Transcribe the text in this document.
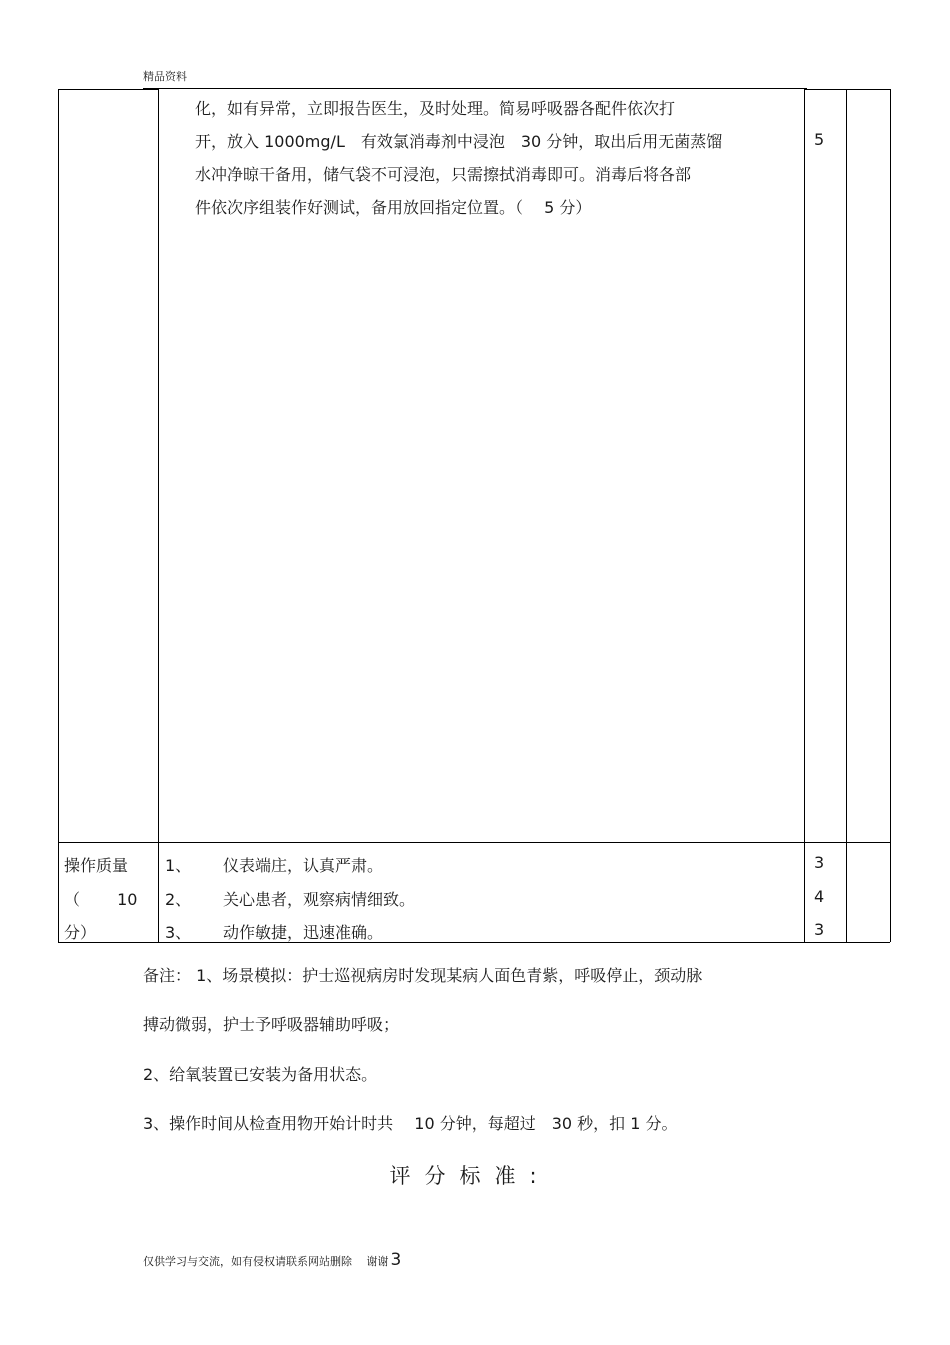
精品资料
化，如有异常，立即报告医生，及时处理。简易呼吸器各配件依次打
开，放入 1000mg/L　有效氯消毒剂中浸泡　30 分钟，取出后用无菌蒸馏
水冲净晾干备用，储气袋不可浸泡，只需擦拭消毒即可。消毒后将各部
件依次序组装作好测试，备用放回指定位置。（　 5 分）
5
操作质量
（　　 10
分）
1、 仪表端庄，认真严肃。
2、 关心患者，观察病情细致。
3、 动作敏捷，迅速准确。
3
4
3
备注： 1、场景模拟：护士巡视病房时发现某病人面色青紫，呼吸停止，颈动脉
搏动微弱，护士予呼吸器辅助呼吸；
2、给氧装置已安装为备用状态。
3、操作时间从检查用物开始计时共　 10 分钟，每超过　30 秒，扣 1 分。
评分标准:
仅供学习与交流，如有侵权请联系网站删除　 谢谢 3
